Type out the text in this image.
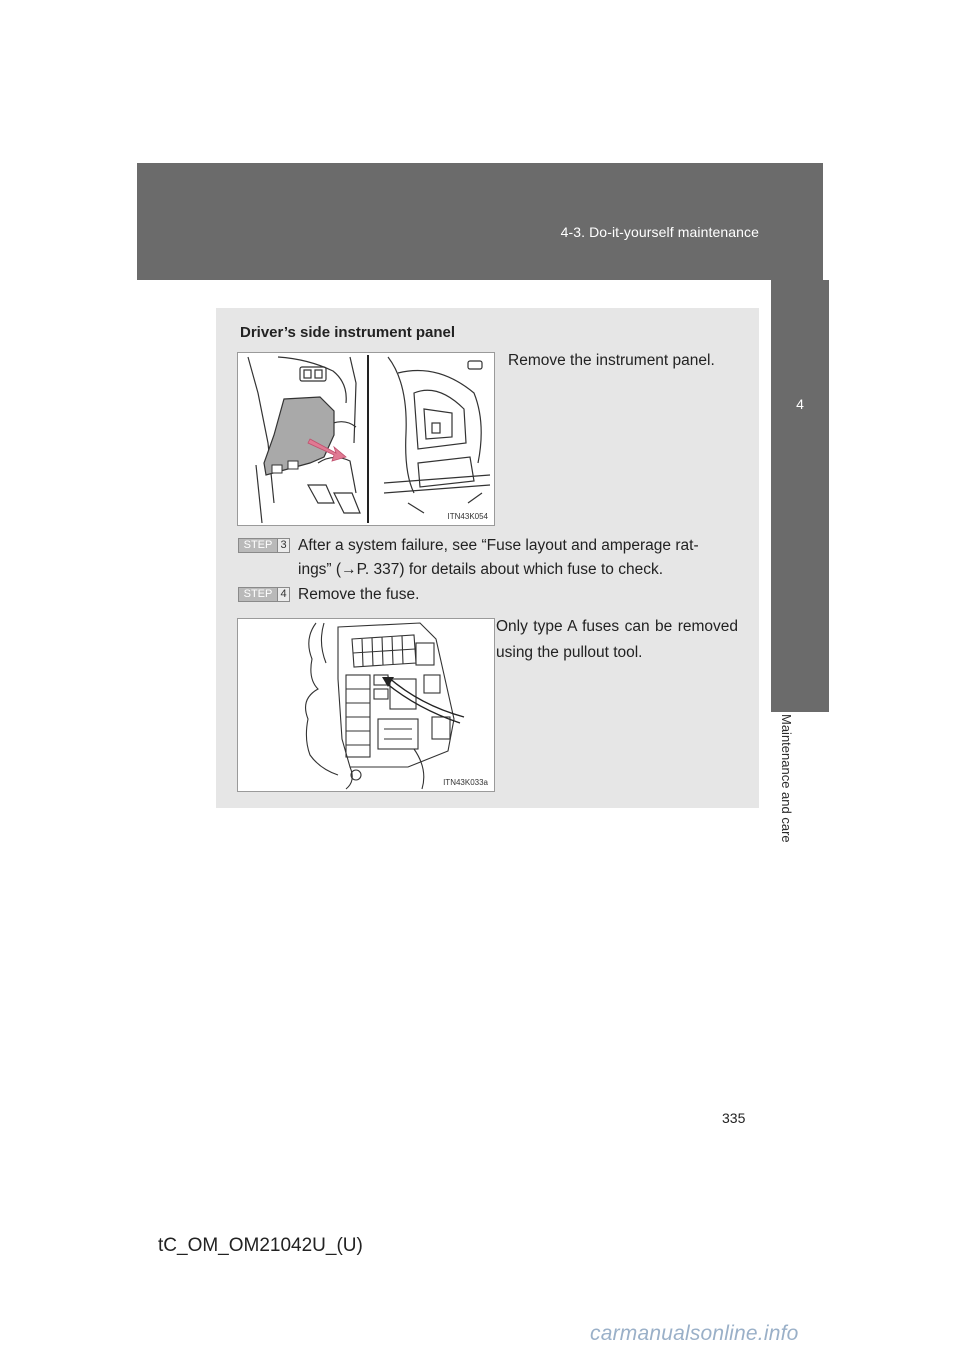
4-3. Do-it-yourself maintenance
4
Maintenance and care
Driver’s side instrument panel
ITN43K054
Remove the instrument panel.
STEP 3 After a system failure, see “Fuse layout and amperage rat-
ings” (→P. 337) for details about which fuse to check.
STEP 4 Remove the fuse.
ITN43K033a
Only type A fuses can be removed using the pullout tool.
335
tC_OM_OM21042U_(U)
carmanualsonline.info
